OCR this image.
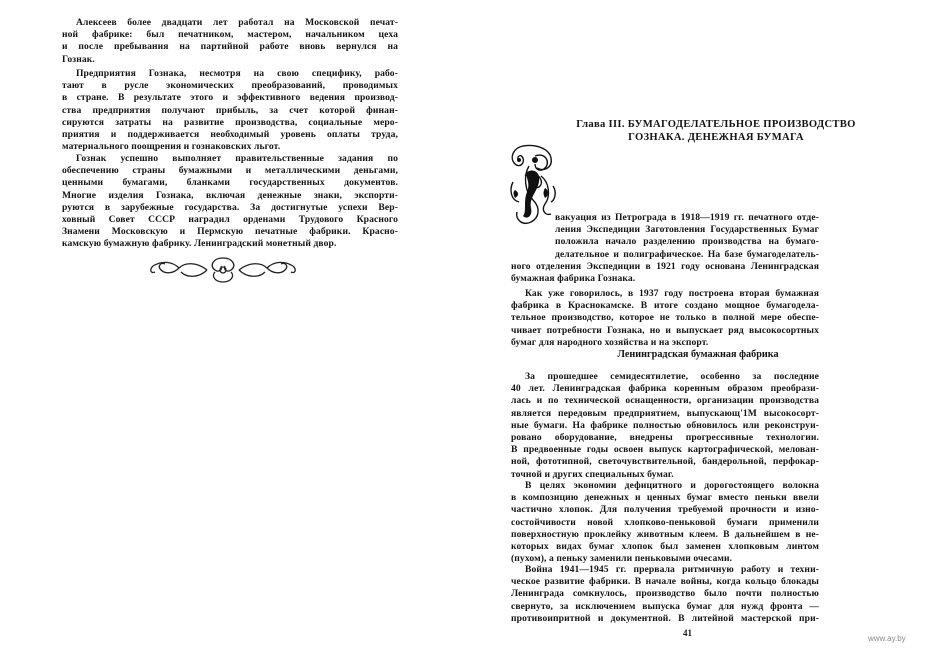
Алексеев более двадцати лет работал на Московской печат-
ной фабрике: был печатником, мастером, начальником цеха
и после пребывания на партийной работе вновь вернулся на
Гознак.
Предприятия Гознака, несмотря на свою специфику, рабо-
тают в русле экономических преобразований, проводимых
в стране. В результате этого и эффективного ведения производ-
ства предприятия получают прибыль, за счет которой финан-
сируются затраты на развитие производства, социальные меро-
приятия и поддерживается необходимый уровень оплаты труда,
материального поощрения и гознаковских льгот.
Гознак успешно выполняет правительственные задания по
обеспечению страны бумажными и металлическими деньгами,
ценными бумагами, бланками государственных документов.
Многие изделия Гознака, включая денежные знаки, экспорти-
руются в зарубежные государства. За достигнутые успехи Вер-
ховный Совет СССР наградил орденами Трудового Красного
Знамени Московскую и Пермскую печатные фабрики. Красно-
камскую бумажную фабрику. Ленинградский монетный двор.
Глава III. БУМАГОДЕЛАТЕЛЬНОЕ ПРОИЗВОДСТВО
ГОЗНАКА. ДЕНЕЖНАЯ БУМАГА
вакуация из Петрограда в 1918—1919 гг. печатного отде-
ления Экспедиции Заготовления Государственных Бумаг
положила начало разделению производства на бумаго-
делательное и полиграфическое. На базе бумагоделатель-
ного отделения Экспедиции в 1921 году основана Ленинградская
бумажная фабрика Гознака.
Как уже говорилось, в 1937 году построена вторая бумажная
фабрика в Краснокамске. В итоге создано мощное бумагоделa-
тельное производство, которое не только в полной мере обеспе-
чивает потребности Гознака, но и выпускает ряд высокосортных
бумаг для народного хозяйства и на экспорт.
Ленинградская бумажная фабрика
За прошедшее семидесятилетие, особенно за последние
40 лет. Ленинградская фабрика коренным образом преобрази-
лась и по технической оснащенности, организации производства
является передовым предприятием, выпускающ'1М высокосорт-
ные бумаги. На фабрике полностью обновилось или реконструи-
ровано оборудование, внедрены прогрессивные технологии.
В предвоенные годы освоен выпуск картографической, мелован-
ной, фототипной, светочувствительной, бандерольной, перфокар-
точной и других специальных бумаг.
В целях экономии дефицитного и дорогостоящего волокна
в композицию денежных и ценных бумаг вместо пеньки ввели
частично хлопок. Для получения требуемой прочности и изно-
состойчивости новой хлопково-пеньковой бумаги применили
поверхностную проклейку животным клеем. В дальнейшем в не-
которых видах бумаг хлопок был заменен хлопковым линтом
(пухом), а пеньку заменили пеньковыми очесами.
Война 1941—1945 гг. прервала ритмичную работу и техни-
ческое развитие фабрики. В начале войны, когда кольцо блокады
Ленинграда сомкнулось, производство было почти полностью
свернуто, за исключением выпуска бумаг для нужд фронта —
противоипритной и документной. В литейной мастерской при-
41
www.ay.by
